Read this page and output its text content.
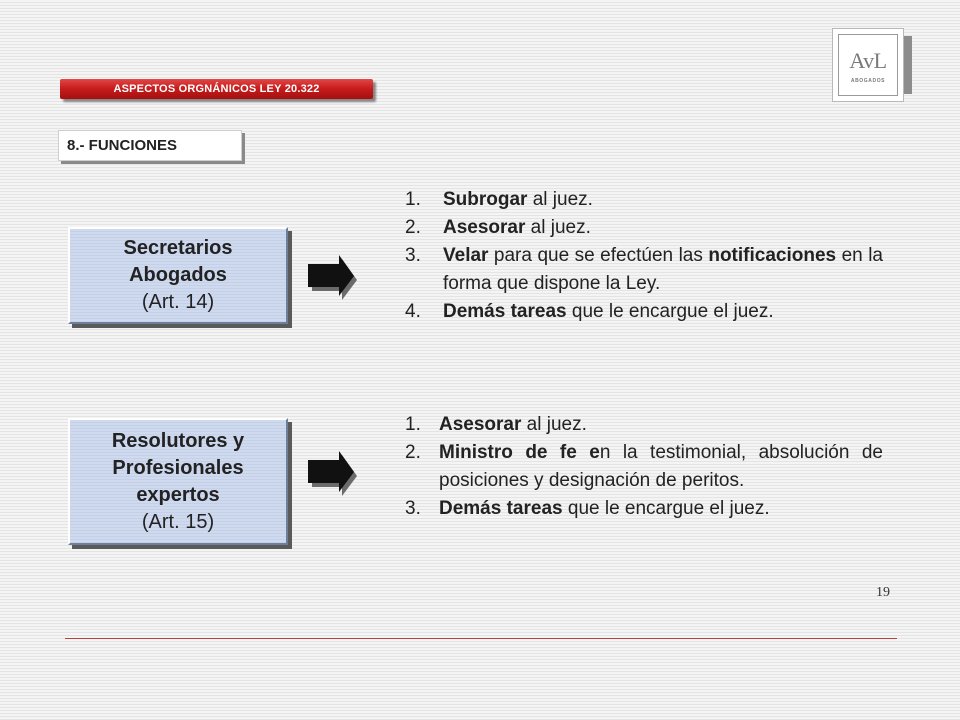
ASPECTOS ORGNÁNICOS LEY 20.322
AvL
ABOGADOS
8.- FUNCIONES
Secretarios
Abogados
(Art. 14)
1.	Subrogar al juez.
2.	Asesorar al juez.
3.	Velar para que se efectúen las notificaciones en la forma que dispone la Ley.
4.	Demás tareas que le encargue el juez.
Resolutores y
Profesionales
expertos
(Art. 15)
1. Asesorar al juez.
2. Ministro de fe en la testimonial, absolución de posiciones y designación de peritos.
3. Demás tareas que le encargue el juez.
19
